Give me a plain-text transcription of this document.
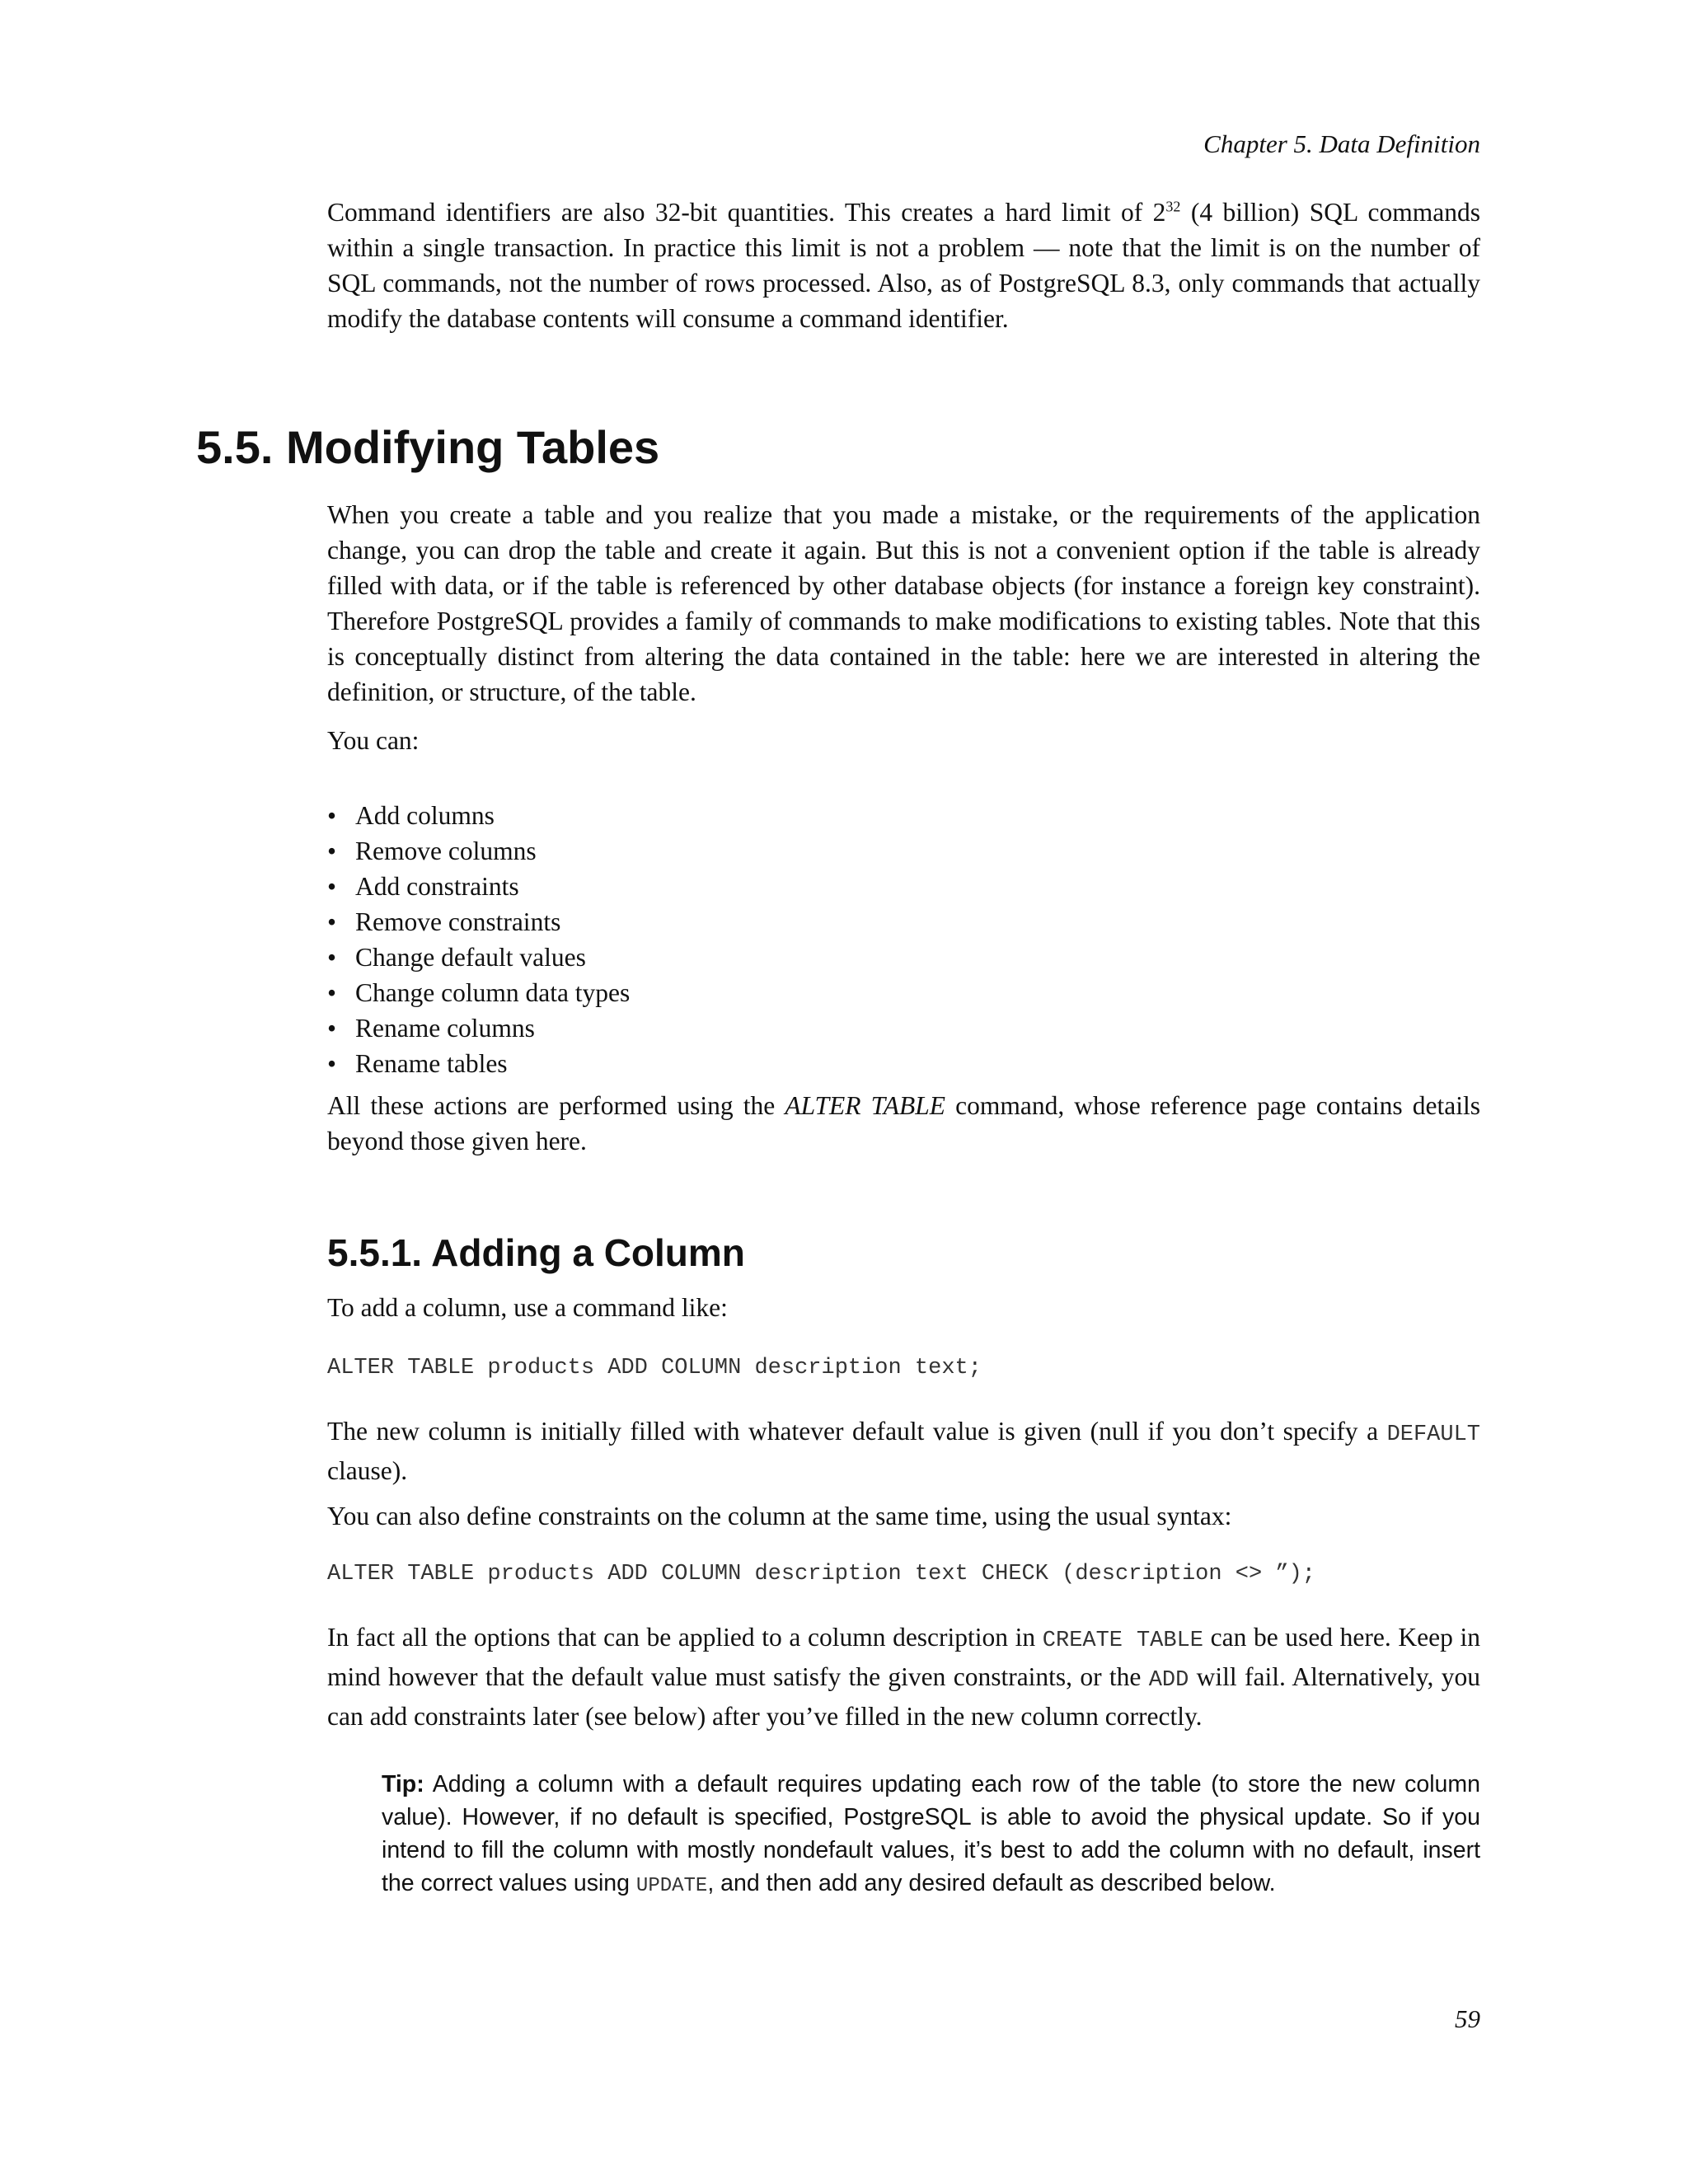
Chapter 5. Data Definition

Command identifiers are also 32-bit quantities. This creates a hard limit of $2^{32}$ (4 billion) SQL commands within a single transaction. In practice this limit is not a problem — note that the limit is on the number of SQL commands, not the number of rows processed. Also, as of PostgreSQL 8.3, only commands that actually modify the database contents will consume a command identifier.

5.5. Modifying Tables

When you create a table and you realize that you made a mistake, or the requirements of the application change, you can drop the table and create it again. But this is not a convenient option if the table is already filled with data, or if the table is referenced by other database objects (for instance a foreign key constraint). Therefore PostgreSQL provides a family of commands to make modifications to existing tables. Note that this is conceptually distinct from altering the data contained in the table: here we are interested in altering the definition, or structure, of the table.

You can:

• Add columns
• Remove columns
• Add constraints
• Remove constraints
• Change default values
• Change column data types
• Rename columns
• Rename tables

All these actions are performed using the ALTER TABLE command, whose reference page contains details beyond those given here.

5.5.1. Adding a Column

To add a column, use a command like:

ALTER TABLE products ADD COLUMN description text;

The new column is initially filled with whatever default value is given (null if you don’t specify a DEFAULT clause).

You can also define constraints on the column at the same time, using the usual syntax:

ALTER TABLE products ADD COLUMN description text CHECK (description <> ”);

In fact all the options that can be applied to a column description in CREATE TABLE can be used here. Keep in mind however that the default value must satisfy the given constraints, or the ADD will fail. Alternatively, you can add constraints later (see below) after you’ve filled in the new column correctly.

Tip: Adding a column with a default requires updating each row of the table (to store the new column value). However, if no default is specified, PostgreSQL is able to avoid the physical update. So if you intend to fill the column with mostly nondefault values, it’s best to add the column with no default, insert the correct values using UPDATE, and then add any desired default as described below.
59
